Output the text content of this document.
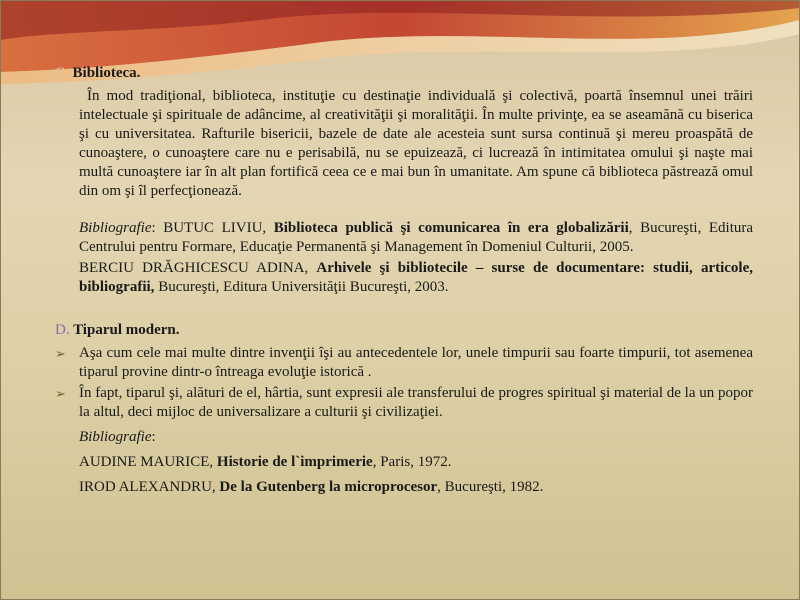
C. Biblioteca.

În mod tradiţional, biblioteca, instituţie cu destinaţie individuală şi colectivă, poartă însemnul unei trăiri intelectuale şi spirituale de adâncime, al creativităţii şi moralităţii. În multe privinţe, ea se aseamănă cu biserica şi cu universitatea. Rafturile bisericii, bazele de date ale acesteia sunt sursa continuă şi mereu proaspătă de cunoaştere, o cunoaştere care nu e perisabilă, nu se epuizează, ci lucrează în intimitatea omului şi naşte mai multă cunoaştere iar în alt plan fortifică ceea ce e mai bun în umanitate. Am spune că biblioteca păstrează omul din om şi îl perfecţionează.

Bibliografie: BUTUC LIVIU, Biblioteca publică şi comunicarea în era globalizării, Bucureşti, Editura Centrului pentru Formare, Educaţie Permanentă şi Management în Domeniul Culturii, 2005.

BERCIU DRĂGHICESCU ADINA, Arhivele şi bibliotecile – surse de documentare: studii, articole, bibliografii, Bucureşti, Editura Universităţii Bucureşti, 2003.

D. Tiparul modern.

➢ Aşa cum cele mai multe dintre invenţii îşi au antecedentele lor, unele timpurii sau foarte timpurii, tot asemenea tiparul provine dintr-o întreaga evoluţie istorică .
➢ În fapt, tiparul şi, alături de el, hârtia, sunt expresii ale transferului de progres spiritual şi material de la un popor la altul, deci mijloc de universalizare a culturii şi civilizaţiei.
Bibliografie:
AUDINE MAURICE, Historie de l`imprimerie, Paris, 1972.
IROD ALEXANDRU, De la Gutenberg la microprocesor, Bucureşti, 1982.
